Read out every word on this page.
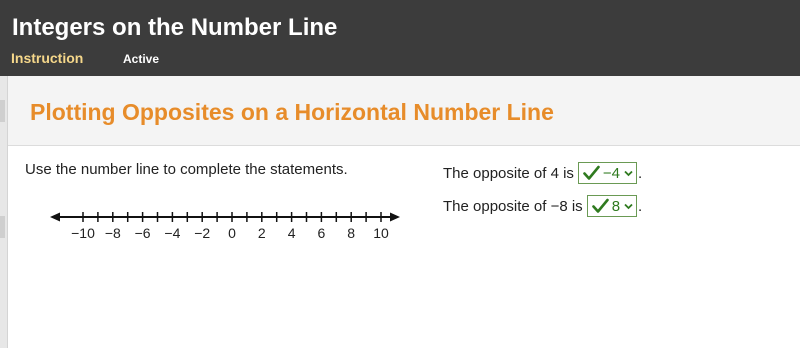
Integers on the Number Line
Instruction	Active
Plotting Opposites on a Horizontal Number Line
Use the number line to complete the statements.
−10 −8 −6 −4 −2 0 2 4 6 8 10
The opposite of 4 is −4 .
The opposite of −8 is 8 .
